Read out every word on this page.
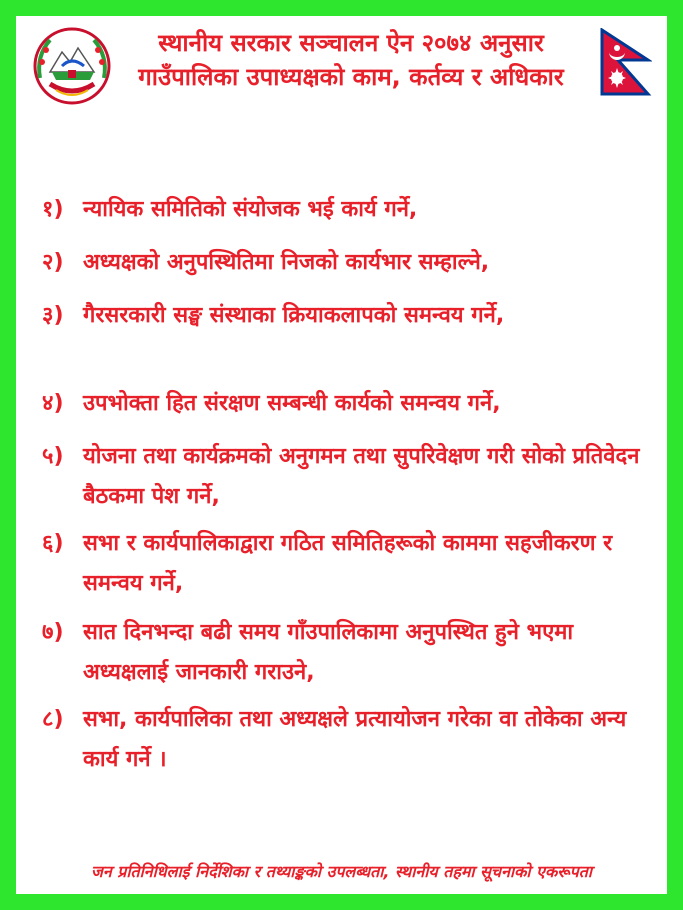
स्थानीय सरकार सञ्चालन ऐन २०७४ अनुसार
गाउँपालिका उपाध्यक्षको काम, कर्तव्य र अधिकार
१) न्यायिक समितिको संयोजक भई कार्य गर्ने,
२) अध्यक्षको अनुपस्थितिमा निजको कार्यभार सम्हाल्ने,
३) गैरसरकारी सङ्घ संस्थाका क्रियाकलापको समन्वय गर्ने,
४) उपभोक्ता हित संरक्षण सम्बन्धी कार्यको समन्वय गर्ने,
५) योजना तथा कार्यक्रमको अनुगमन तथा सुपरिवेक्षण गरी सोको प्रतिवेदन बैठकमा पेश गर्ने,
६) सभा र कार्यपालिकाद्वारा गठित समितिहरूको काममा सहजीकरण र समन्वय गर्ने,
७) सात दिनभन्दा बढी समय गाँउपालिकामा अनुपस्थित हुने भएमा अध्यक्षलाई जानकारी गराउने,
८) सभा, कार्यपालिका तथा अध्यक्षले प्रत्यायोजन गरेका वा तोकेका अन्य कार्य गर्ने ।
जन प्रतिनिधिलाई निर्देशिका र तथ्याङ्कको उपलब्धता, स्थानीय तहमा सूचनाको एकरूपता
